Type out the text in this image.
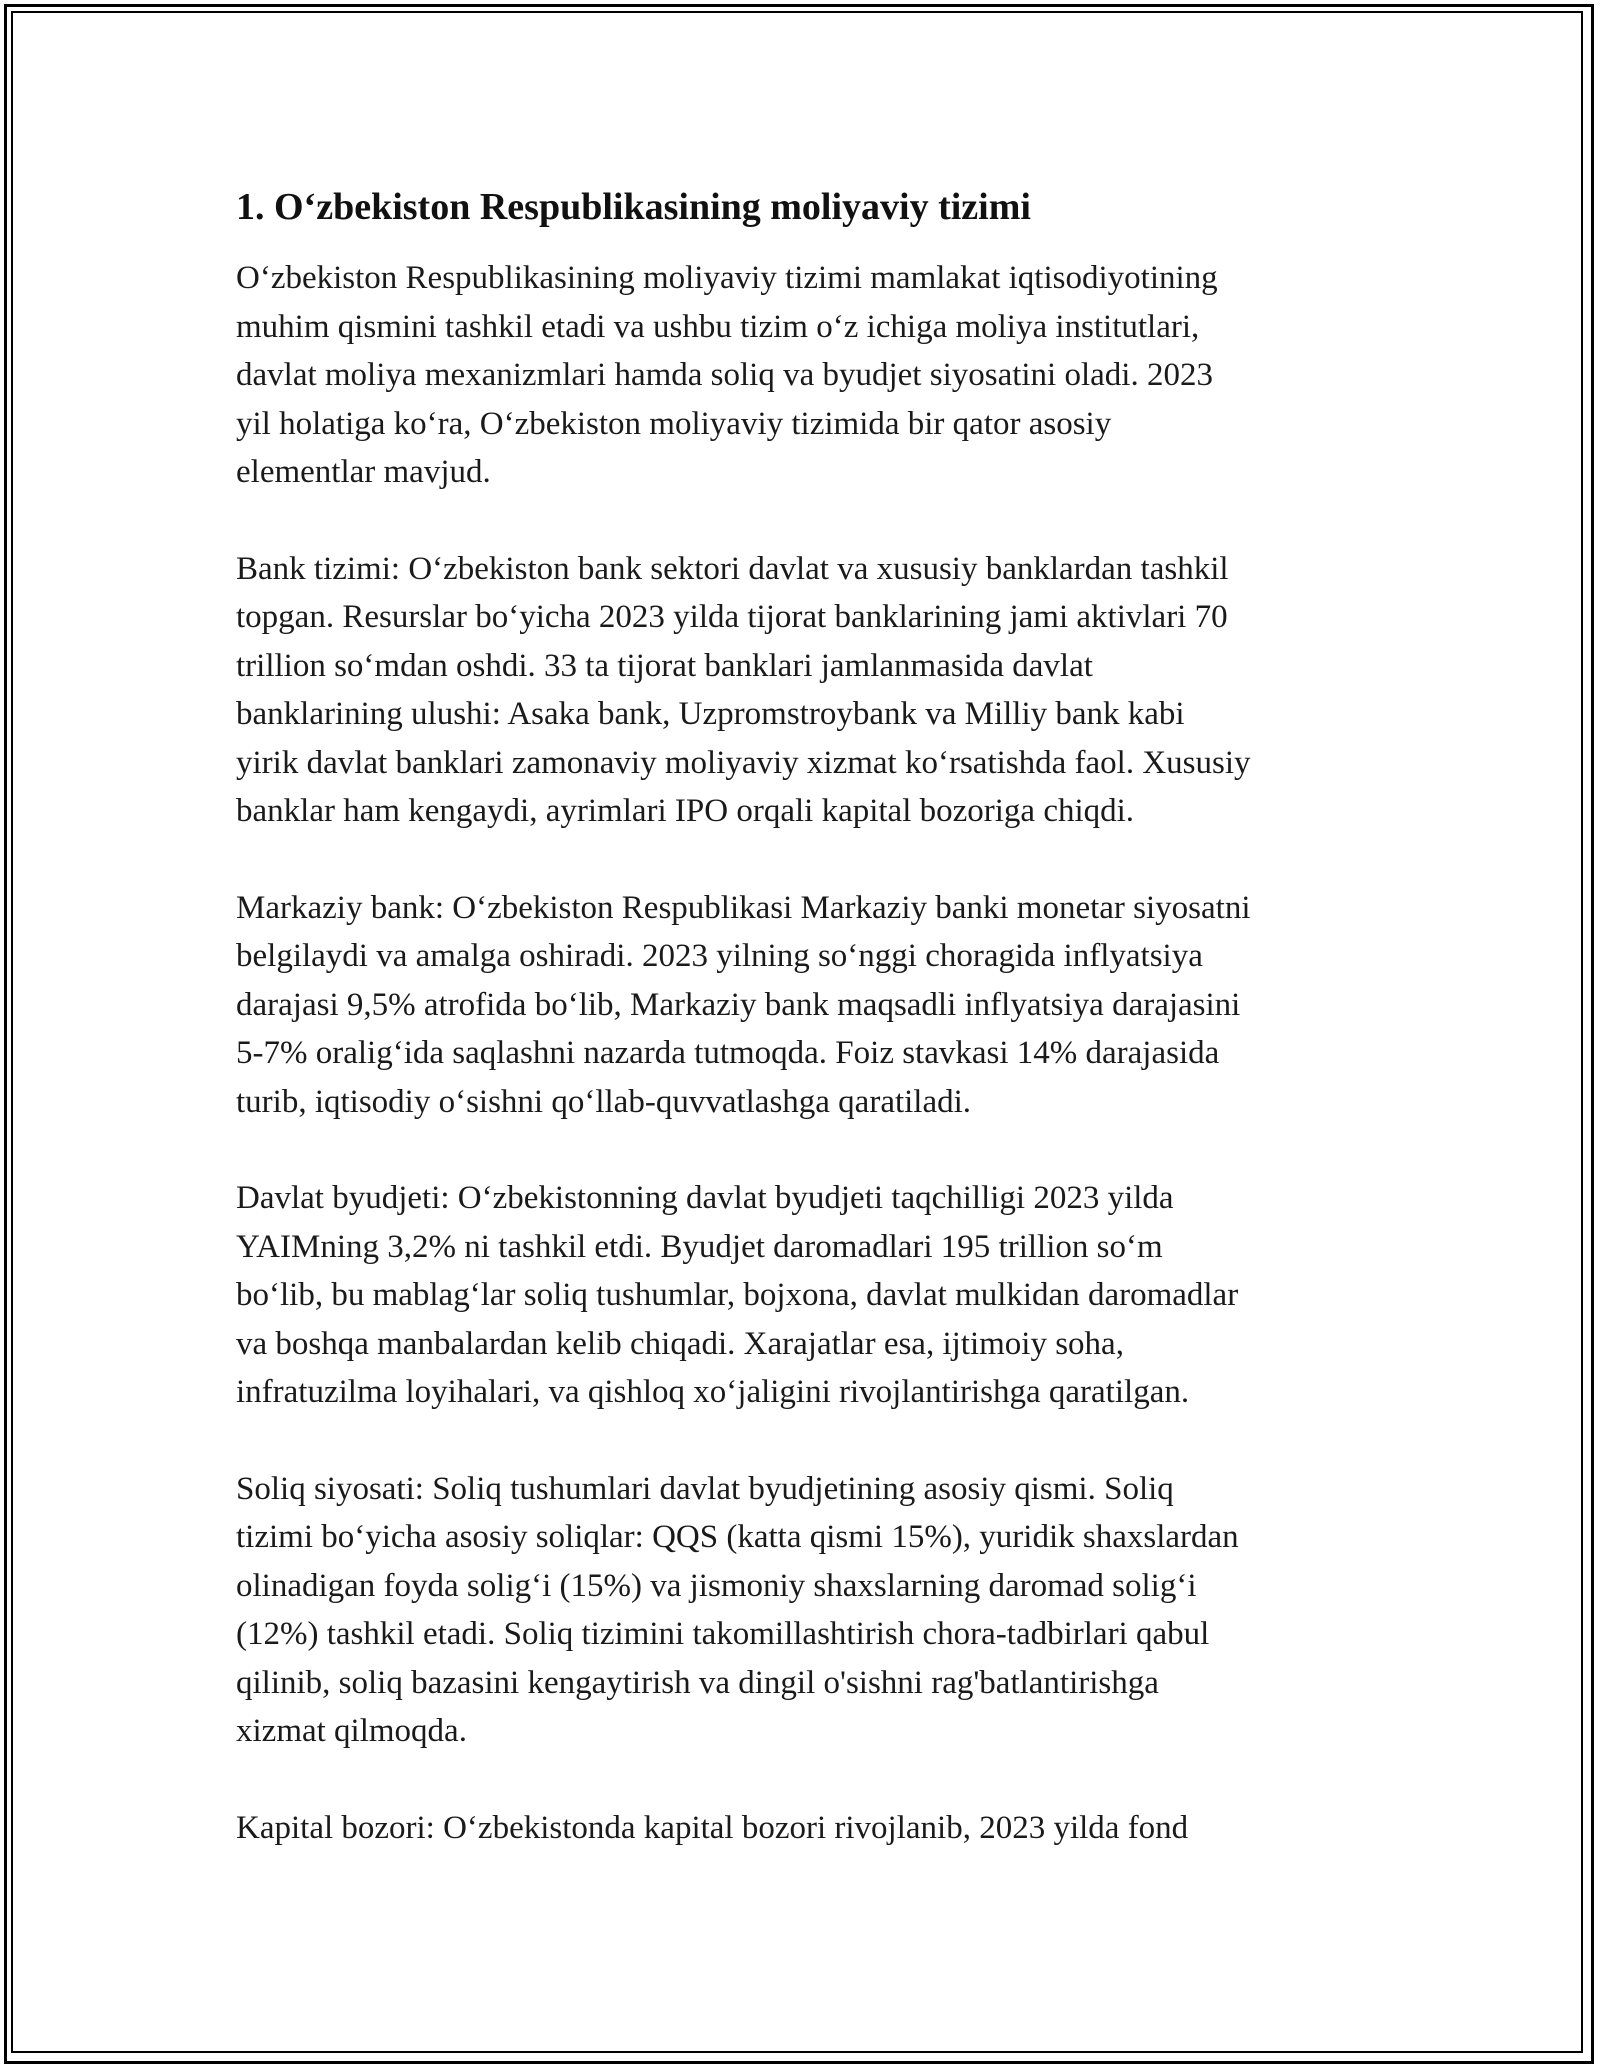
1. O‘zbekiston Respublikasining moliyaviy tizimi
O‘zbekiston Respublikasining moliyaviy tizimi mamlakat iqtisodiyotining
muhim qismini tashkil etadi va ushbu tizim o‘z ichiga moliya institutlari,
davlat moliya mexanizmlari hamda soliq va byudjet siyosatini oladi. 2023
yil holatiga ko‘ra, O‘zbekiston moliyaviy tizimida bir qator asosiy
elementlar mavjud.
Bank tizimi: O‘zbekiston bank sektori davlat va xususiy banklardan tashkil
topgan. Resurslar bo‘yicha 2023 yilda tijorat banklarining jami aktivlari 70
trillion so‘mdan oshdi. 33 ta tijorat banklari jamlanmasida davlat
banklarining ulushi: Asaka bank, Uzpromstroybank va Milliy bank kabi
yirik davlat banklari zamonaviy moliyaviy xizmat ko‘rsatishda faol. Xususiy
banklar ham kengaydi, ayrimlari IPO orqali kapital bozoriga chiqdi.
Markaziy bank: O‘zbekiston Respublikasi Markaziy banki monetar siyosatni
belgilaydi va amalga oshiradi. 2023 yilning so‘nggi choragida inflyatsiya
darajasi 9,5% atrofida bo‘lib, Markaziy bank maqsadli inflyatsiya darajasini
5-7% oralig‘ida saqlashni nazarda tutmoqda. Foiz stavkasi 14% darajasida
turib, iqtisodiy o‘sishni qo‘llab-quvvatlashga qaratiladi.
Davlat byudjeti: O‘zbekistonning davlat byudjeti taqchilligi 2023 yilda
YAIMning 3,2% ni tashkil etdi. Byudjet daromadlari 195 trillion so‘m
bo‘lib, bu mablag‘lar soliq tushumlar, bojxona, davlat mulkidan daromadlar
va boshqa manbalardan kelib chiqadi. Xarajatlar esa, ijtimoiy soha,
infratuzilma loyihalari, va qishloq xo‘jaligini rivojlantirishga qaratilgan.
Soliq siyosati: Soliq tushumlari davlat byudjetining asosiy qismi. Soliq
tizimi bo‘yicha asosiy soliqlar: QQS (katta qismi 15%), yuridik shaxslardan
olinadigan foyda solig‘i (15%) va jismoniy shaxslarning daromad solig‘i
(12%) tashkil etadi. Soliq tizimini takomillashtirish chora-tadbirlari qabul
qilinib, soliq bazasini kengaytirish va dingil o'sishni rag'batlantirishga
xizmat qilmoqda.
Kapital bozori: O‘zbekistonda kapital bozori rivojlanib, 2023 yilda fond
